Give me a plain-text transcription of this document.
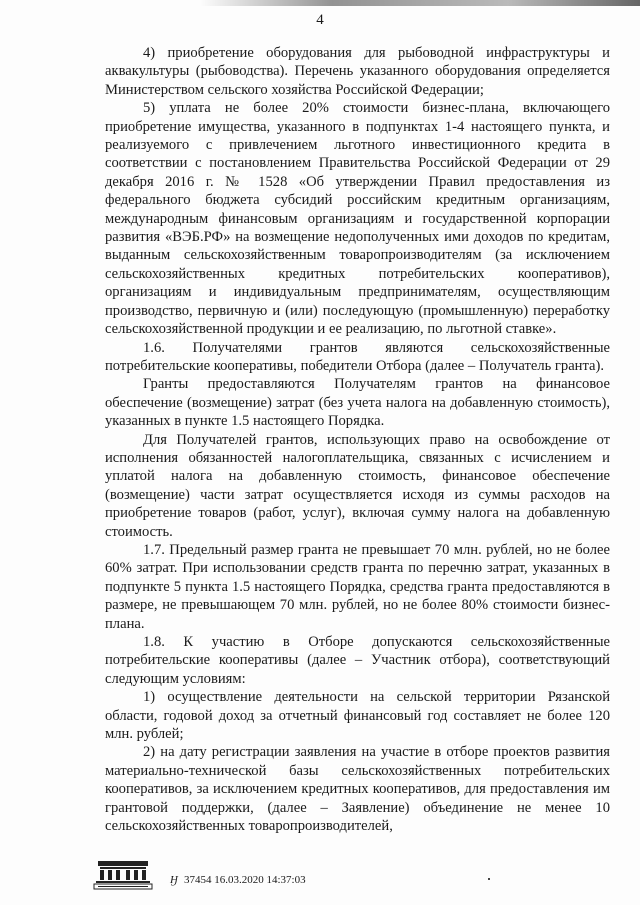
4

4) приобретение оборудования для рыбоводной инфраструктуры и аквакультуры (рыбоводства). Перечень указанного оборудования определяется Министерством сельского хозяйства Российской Федерации;

5) уплата не более 20% стоимости бизнес-плана, включающего приобретение имущества, указанного в подпунктах 1-4 настоящего пункта, и реализуемого с привлечением льготного инвестиционного кредита в соответствии с постановлением Правительства Российской Федерации от 29 декабря 2016 г. № 1528 «Об утверждении Правил предоставления из федерального бюджета субсидий российским кредитным организациям, международным финансовым организациям и государственной корпорации развития «ВЭБ.РФ» на возмещение недополученных ими доходов по кредитам, выданным сельскохозяйственным товаропроизводителям (за исключением сельскохозяйственных кредитных потребительских кооперативов), организациям и индивидуальным предпринимателям, осуществляющим производство, первичную и (или) последующую (промышленную) переработку сельскохозяйственной продукции и ее реализацию, по льготной ставке».

1.6. Получателями грантов являются сельскохозяйственные потребительские кооперативы, победители Отбора (далее – Получатель гранта).

Гранты предоставляются Получателям грантов на финансовое обеспечение (возмещение) затрат (без учета налога на добавленную стоимость), указанных в пункте 1.5 настоящего Порядка.

Для Получателей грантов, использующих право на освобождение от исполнения обязанностей налогоплательщика, связанных с исчислением и уплатой налога на добавленную стоимость, финансовое обеспечение (возмещение) части затрат осуществляется исходя из суммы расходов на приобретение товаров (работ, услуг), включая сумму налога на добавленную стоимость.

1.7. Предельный размер гранта не превышает 70 млн. рублей, но не более 60% затрат. При использовании средств гранта по перечню затрат, указанных в подпункте 5 пункта 1.5 настоящего Порядка, средства гранта предоставляются в размере, не превышающем 70 млн. рублей, но не более 80% стоимости бизнес-плана.

1.8. К участию в Отборе допускаются сельскохозяйственные потребительские кооперативы (далее – Участник отбора), соответствующий следующим условиям:

1) осуществление деятельности на сельской территории Рязанской области, годовой доход за отчетный финансовый год составляет не более 120 млн. рублей;

2) на дату регистрации заявления на участие в отборе проектов развития материально-технической базы сельскохозяйственных потребительских кооперативов, за исключением кредитных кооперативов, для предоставления им грантовой поддержки, (далее – Заявление) объединение не менее 10 сельскохозяйственных товаропроизводителей,

Ӈ 37454 16.03.2020 14:37:03
